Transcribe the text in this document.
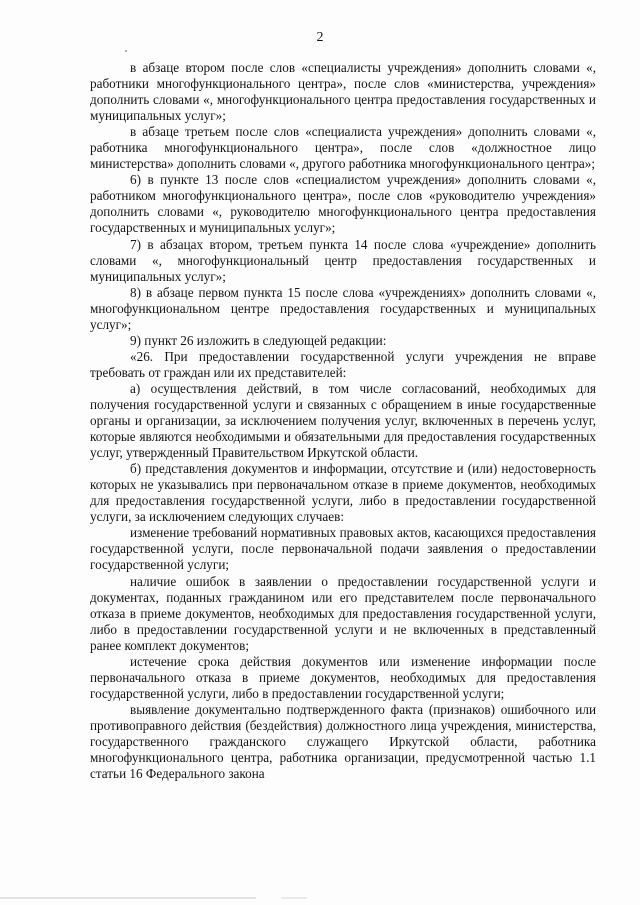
2

в абзаце втором после слов «специалисты учреждения» дополнить словами «, работники многофункционального центра», после слов «министерства, учреждения» дополнить словами «, многофункционального центра предоставления государственных и муниципальных услуг»;

в абзаце третьем после слов «специалиста учреждения» дополнить словами «, работника многофункционального центра», после слов «должностное лицо министерства» дополнить словами «, другого работника многофункционального центра»;

6) в пункте 13 после слов «специалистом учреждения» дополнить словами «, работником многофункционального центра», после слов «руководителю учреждения» дополнить словами «, руководителю многофункционального центра предоставления государственных и муниципальных услуг»;

7) в абзацах втором, третьем пункта 14 после слова «учреждение» дополнить словами «, многофункциональный центр предоставления государственных и муниципальных услуг»;

8) в абзаце первом пункта 15 после слова «учреждениях» дополнить словами «, многофункциональном центре предоставления государственных и муниципальных услуг»;

9) пункт 26 изложить в следующей редакции:

«26. При предоставлении государственной услуги учреждения не вправе требовать от граждан или их представителей:

а) осуществления действий, в том числе согласований, необходимых для получения государственной услуги и связанных с обращением в иные государственные органы и организации, за исключением получения услуг, включенных в перечень услуг, которые являются необходимыми и обязательными для предоставления государственных услуг, утвержденный Правительством Иркутской области.

б) представления документов и информации, отсутствие и (или) недостоверность которых не указывались при первоначальном отказе в приеме документов, необходимых для предоставления государственной услуги, либо в предоставлении государственной услуги, за исключением следующих случаев:

изменение требований нормативных правовых актов, касающихся предоставления государственной услуги, после первоначальной подачи заявления о предоставлении государственной услуги;

наличие ошибок в заявлении о предоставлении государственной услуги и документах, поданных гражданином или его представителем после первоначального отказа в приеме документов, необходимых для предоставления государственной услуги, либо в предоставлении государственной услуги и не включенных в представленный ранее комплект документов;

истечение срока действия документов или изменение информации после первоначального отказа в приеме документов, необходимых для предоставления государственной услуги, либо в предоставлении государственной услуги;

выявление документально подтвержденного факта (признаков) ошибочного или противоправного действия (бездействия) должностного лица учреждения, министерства, государственного гражданского служащего Иркутской области, работника многофункционального центра, работника организации, предусмотренной частью 1.1 статьи 16 Федерального закона
